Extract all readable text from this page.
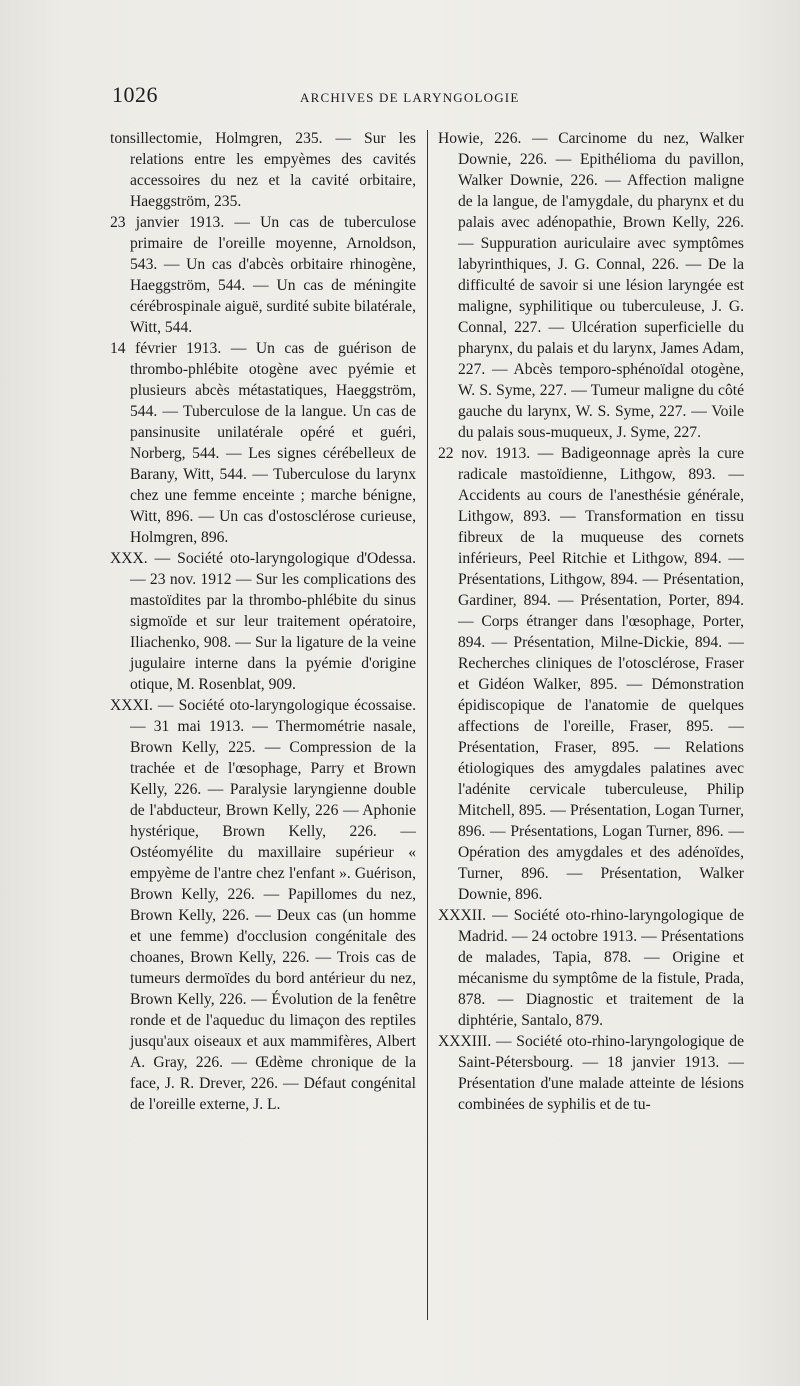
1026	ARCHIVES DE LARYNGOLOGIE

tonsillectomie, Holmgren, 235. — Sur les relations entre les empyèmes des cavités accessoires du nez et la cavité orbitaire, Haeggström, 235.

23 janvier 1913. — Un cas de tuberculose primaire de l'oreille moyenne, Arnoldson, 543. — Un cas d'abcès orbitaire rhinogène, Haeggström, 544. — Un cas de méningite cérébrospinale aiguë, surdité subite bilatérale, Witt, 544.

14 février 1913. — Un cas de guérison de thrombo-phlébite otogène avec pyémie et plusieurs abcès métastatiques, Haeggström, 544. — Tuberculose de la langue. Un cas de pansinusite unilatérale opéré et guéri, Norberg, 544. — Les signes cérébelleux de Barany, Witt, 544. — Tuberculose du larynx chez une femme enceinte ; marche bénigne, Witt, 896. — Un cas d'ostosclérose curieuse, Holmgren, 896.

XXX. — Société oto-laryngologique d'Odessa. — 23 nov. 1912 — Sur les complications des mastoïdites par la thrombo-phlébite du sinus sigmoïde et sur leur traitement opératoire, Iliachenko, 908. — Sur la ligature de la veine jugulaire interne dans la pyémie d'origine otique, M. Rosenblat, 909.

XXXI. — Société oto-laryngologique écossaise. — 31 mai 1913. — Thermométrie nasale, Brown Kelly, 225. — Compression de la trachée et de l'œsophage, Parry et Brown Kelly, 226. — Paralysie laryngienne double de l'abducteur, Brown Kelly, 226 — Aphonie hystérique, Brown Kelly, 226. — Ostéomyélite du maxillaire supérieur « empyème de l'antre chez l'enfant ». Guérison, Brown Kelly, 226. — Papillomes du nez, Brown Kelly, 226. — Deux cas (un homme et une femme) d'occlusion congénitale des choanes, Brown Kelly, 226. — Trois cas de tumeurs dermoïdes du bord antérieur du nez, Brown Kelly, 226. — Évolution de la fenêtre ronde et de l'aqueduc du limaçon des reptiles jusqu'aux oiseaux et aux mammifères, Albert A. Gray, 226. — Œdème chronique de la face, J. R. Drever, 226. — Défaut congénital de l'oreille externe, J. L.

Howie, 226. — Carcinome du nez, Walker Downie, 226. — Epithélioma du pavillon, Walker Downie, 226. — Affection maligne de la langue, de l'amygdale, du pharynx et du palais avec adénopathie, Brown Kelly, 226. — Suppuration auriculaire avec symptômes labyrinthiques, J. G. Connal, 226. — De la difficulté de savoir si une lésion laryngée est maligne, syphilitique ou tuberculeuse, J. G. Connal, 227. — Ulcération superficielle du pharynx, du palais et du larynx, James Adam, 227. — Abcès temporo-sphénoïdal otogène, W. S. Syme, 227. — Tumeur maligne du côté gauche du larynx, W. S. Syme, 227. — Voile du palais sous-muqueux, J. Syme, 227.

22 nov. 1913. — Badigeonnage après la cure radicale mastoïdienne, Lithgow, 893. — Accidents au cours de l'anesthésie générale, Lithgow, 893. — Transformation en tissu fibreux de la muqueuse des cornets inférieurs, Peel Ritchie et Lithgow, 894. — Présentations, Lithgow, 894. — Présentation, Gardiner, 894. — Présentation, Porter, 894. — Corps étranger dans l'œsophage, Porter, 894. — Présentation, Milne-Dickie, 894. — Recherches cliniques de l'otosclérose, Fraser et Gidéon Walker, 895. — Démonstration épidiscopique de l'anatomie de quelques affections de l'oreille, Fraser, 895. — Présentation, Fraser, 895. — Relations étiologiques des amygdales palatines avec l'adénite cervicale tuberculeuse, Philip Mitchell, 895. — Présentation, Logan Turner, 896. — Présentations, Logan Turner, 896. — Opération des amygdales et des adénoïdes, Turner, 896. — Présentation, Walker Downie, 896.

XXXII. — Société oto-rhino-laryngologique de Madrid. — 24 octobre 1913. — Présentations de malades, Tapia, 878. — Origine et mécanisme du symptôme de la fistule, Prada, 878. — Diagnostic et traitement de la diphtérie, Santalo, 879.

XXXIII. — Société oto-rhino-laryngologique de Saint-Pétersbourg. — 18 janvier 1913. — Présentation d'une malade atteinte de lésions combinées de syphilis et de tu-
